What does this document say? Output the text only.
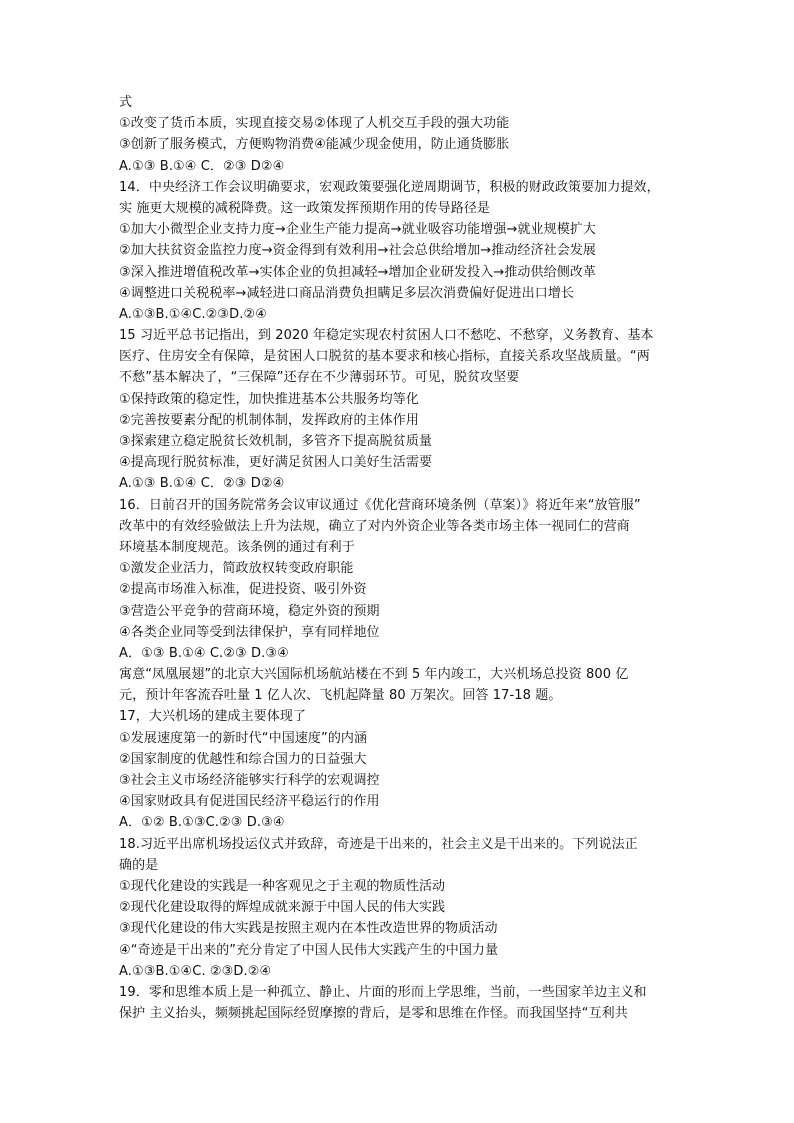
式
①改变了货币本质，实现直接交易②体现了人机交互手段的强大功能
③创新了服务模式，方便购物消费④能减少现金使用，防止通货膨胀
A.①③ B.①④ C．②③ D②④
14．中央经济工作会议明确要求，宏观政策要强化逆周期调节，积极的财政政策要加力提效，
实 施更大规模的减税降费。这一政策发挥预期作用的传导路径是
①加大小微型企业支持力度→企业生产能力提高→就业吸容功能增强→就业规模扩大
②加大扶贫资金监控力度→资金得到有效利用→社会总供给增加→推动经济社会发展
③深入推进增值税改革→实体企业的负担减轻→增加企业研发投入→推动供给侧改革
④调整进口关税税率→减轻进口商品消费负担瞒足多层次消费偏好促进出口增长
A.①③B.①④C.②③D.②④
15 习近平总书记指出，到 2020 年稳定实现农村贫困人口不愁吃、不愁穿，义务教育、基本
医疗、住房安全有保障，是贫困人口脱贫的基本要求和核心指标，直接关系攻坚战质量。“两
不愁”基本解决了，“三保障”还存在不少薄弱环节。可见，脱贫攻坚要
①保持政策的稳定性，加快推进基本公共服务均等化
②完善按要素分配的机制体制，发挥政府的主体作用
③探索建立稳定脱贫长效机制，多管齐下提高脱贫质量
④提高现行脱贫标准，更好满足贫困人口美好生活需要
A.①③ B.①④ C．②③ D②④
16．日前召开的国务院常务会议审议通过《优化营商环境条例（草案）》将近年来“放管服”
改革中的有效经验做法上升为法规，确立了对内外资企业等各类市场主体一视同仁的营商
环境基本制度规范。该条例的通过有利于
①激发企业活力，简政放权转变政府职能
②提高市场准入标准，促进投资、吸引外资
③营造公平竞争的营商环境，稳定外资的预期
④各类企业同等受到法律保护，享有同样地位
A．①③ B.①④ C.②③ D.③④
寓意“凤凰展翅”的北京大兴国际机场航站楼在不到 5 年内竣工，大兴机场总投资 800 亿
元，预计年客流吞吐量 1 亿人次、飞机起降量 80 万架次。回答 17-18 题。
17，大兴机场的建成主要体现了
①发展速度第一的新时代“中国速度”的内涵
②国家制度的优越性和综合国力的日益强大
③社会主义市场经济能够实行科学的宏观调控
④国家财政具有促进国民经济平稳运行的作用
A．①② B.①③C.②③ D.③④
18.习近平出席机场投运仪式并致辞，奇迹是干出来的，社会主义是干出来的。下列说法正
确的是
①现代化建设的实践是一种客观见之于主观的物质性活动
②现代化建设取得的辉煌成就来源于中国人民的伟大实践
③现代化建设的伟大实践是按照主观内在本性改造世界的物质活动
④“奇迹是干出来的”充分肯定了中国人民伟大实践产生的中国力量
A.①③B.①④C. ②③D.②④
19．零和思维本质上是一种孤立、静止、片面的形而上学思维，当前，一些国家羊边主义和
保护 主义抬头，频频挑起国际经贸摩擦的背后，是零和思维在作怪。而我国坚持“互利共
